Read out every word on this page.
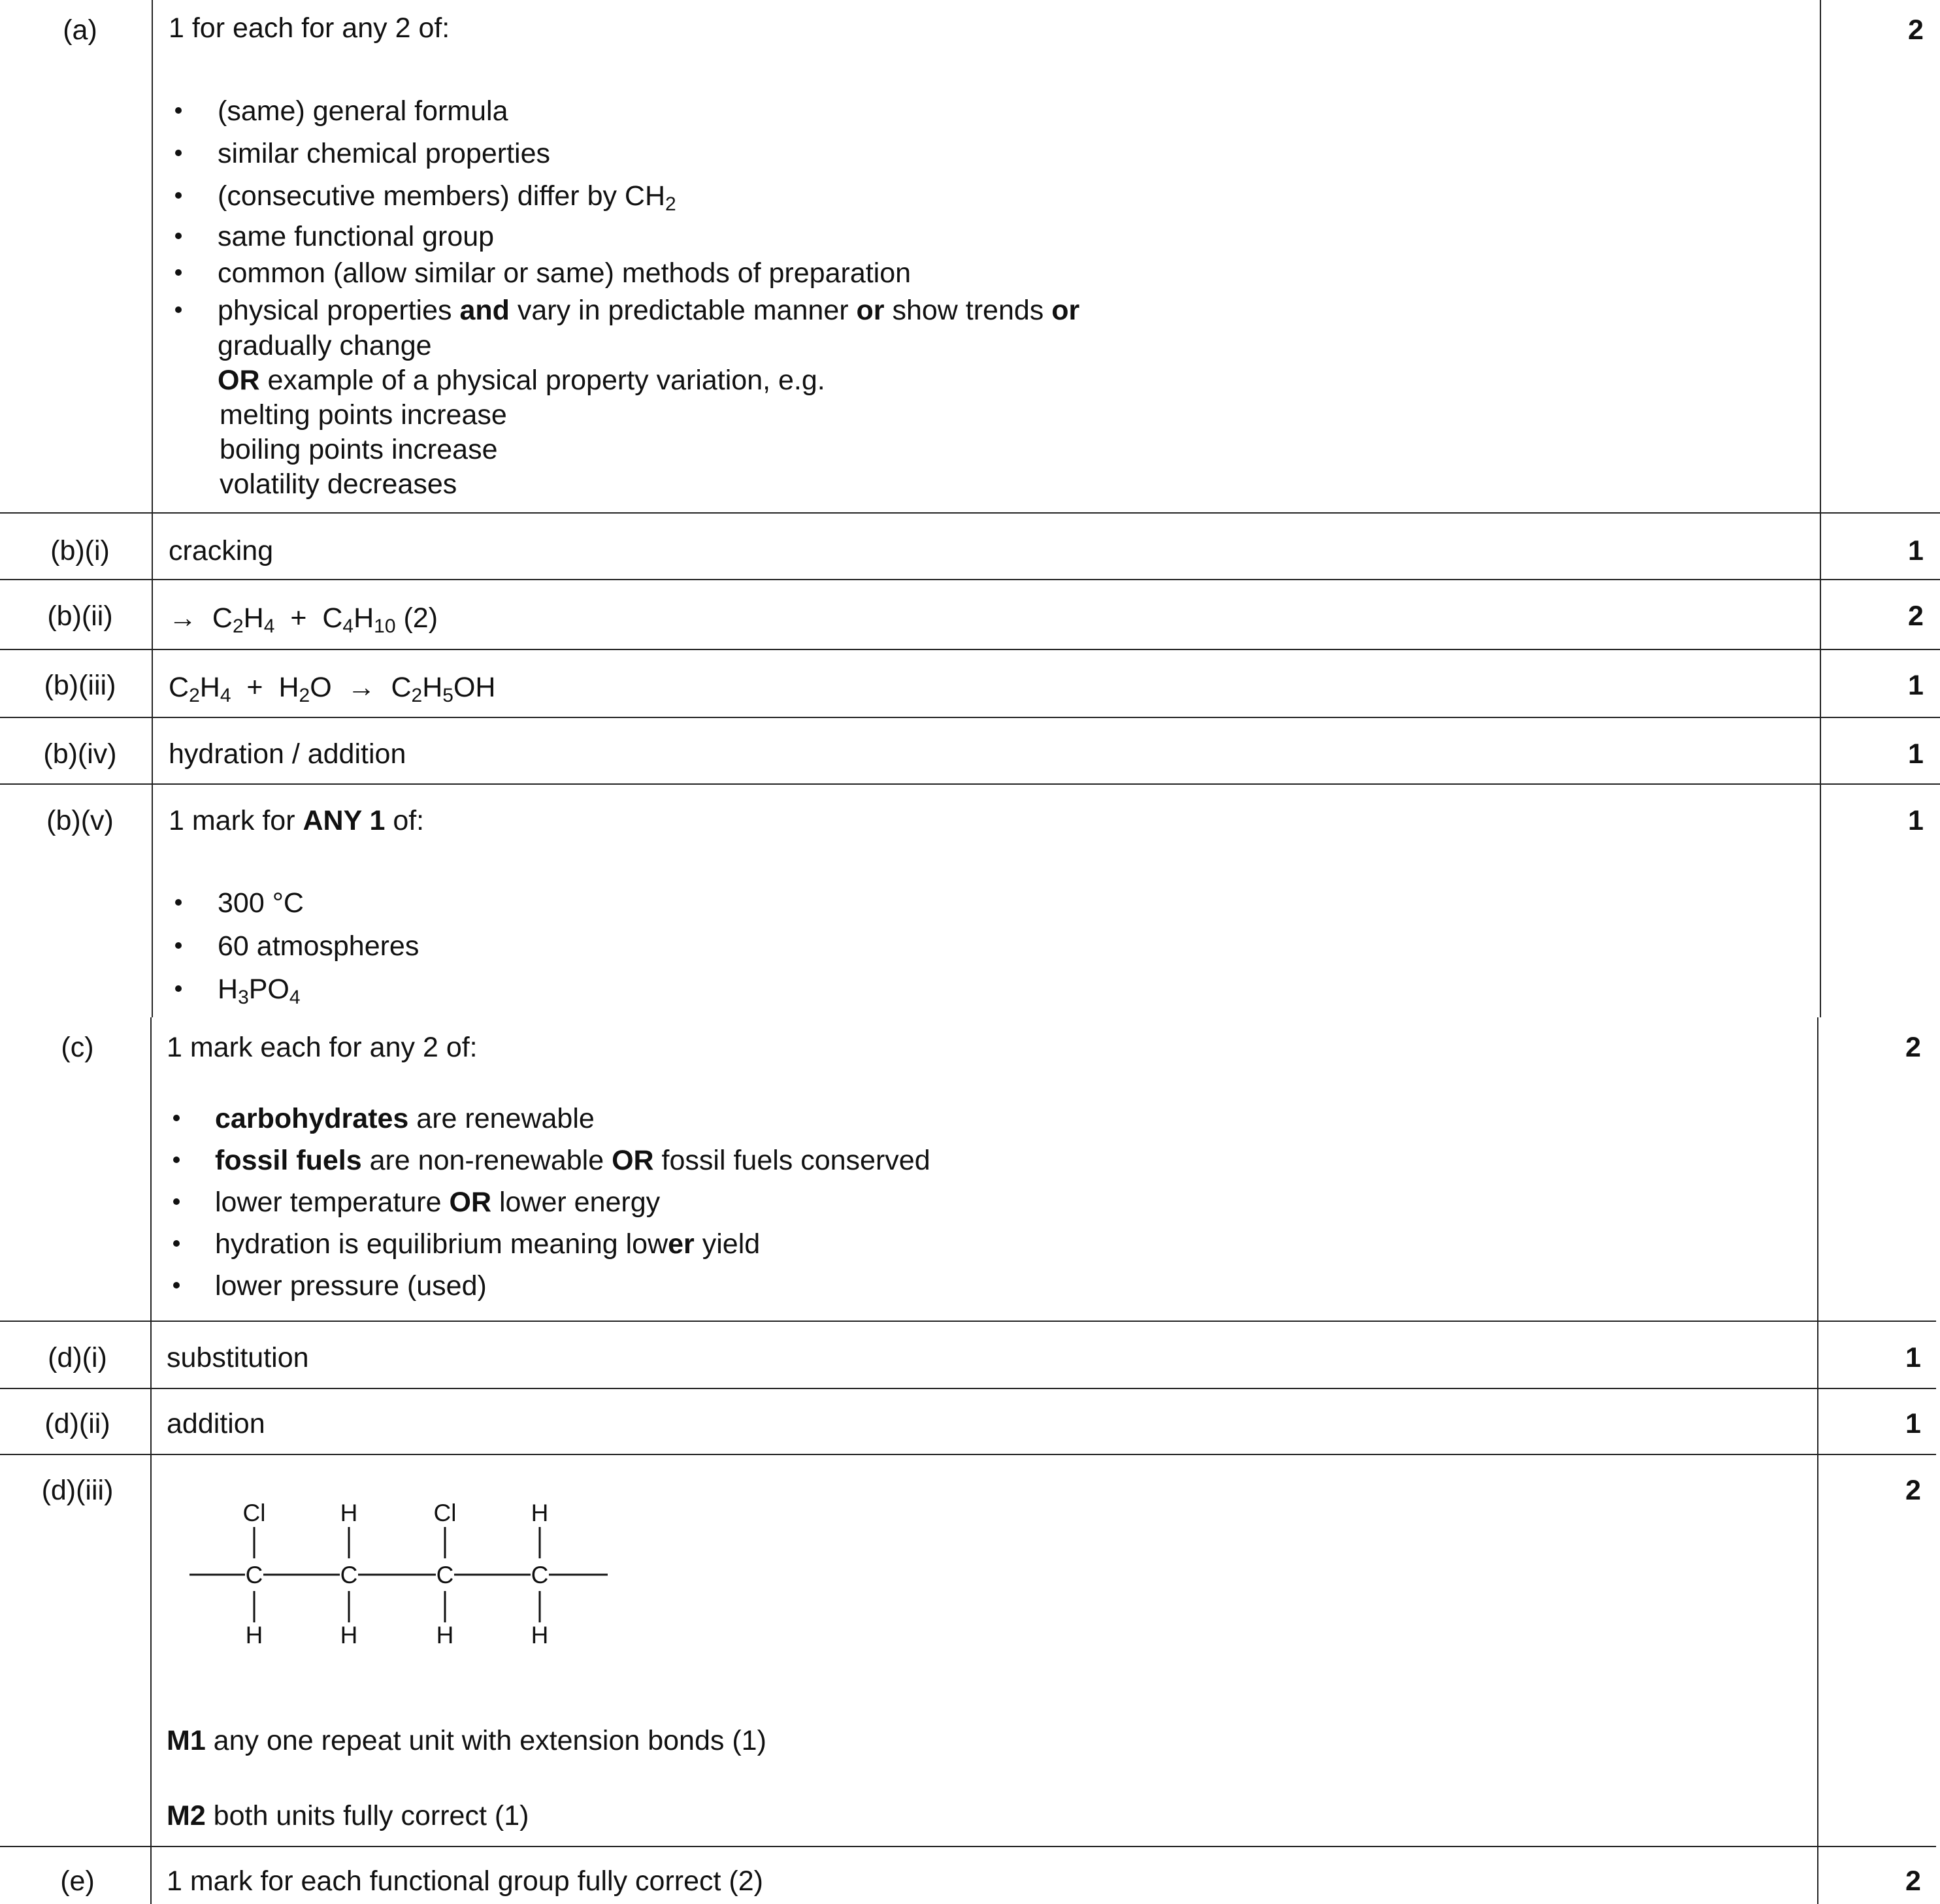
(a)	2
1 for each for any 2 of:
(same) general formula
similar chemical properties
(consecutive members) differ by $CH_2$
same functional group
common (allow similar or same) methods of preparation
physical properties and vary in predictable manner or show trends or
gradually change
OR example of a physical property variation, e.g.
melting points increase
boiling points increase
volatility decreases
(b)(i)	1
cracking
(b)(ii)	2
→ $C_2H_4 + C_4H_{10}$ (2)
(b)(iii)	1
$C_2H_4 + H_2O \to C_2H_5OH$
(b)(iv)	1
hydration / addition
(b)(v)	1
1 mark for ANY 1 of:
300 °C
60 atmospheres
$H_3PO_4$
(c)	2
1 mark each for any 2 of:
carbohydrates are renewable
fossil fuels are non-renewable OR fossil fuels conserved
lower temperature OR lower energy
hydration is equilibrium meaning lower yield
lower pressure (used)
(d)(i)	1
substitution
(d)(ii)	1
addition
(d)(iii)	2
Cl	H	Cl	H
C	C	C	C
H	H	H	H
M1 any one repeat unit with extension bonds (1)
M2 both units fully correct (1)
(e)	2
1 mark for each functional group fully correct (2)
